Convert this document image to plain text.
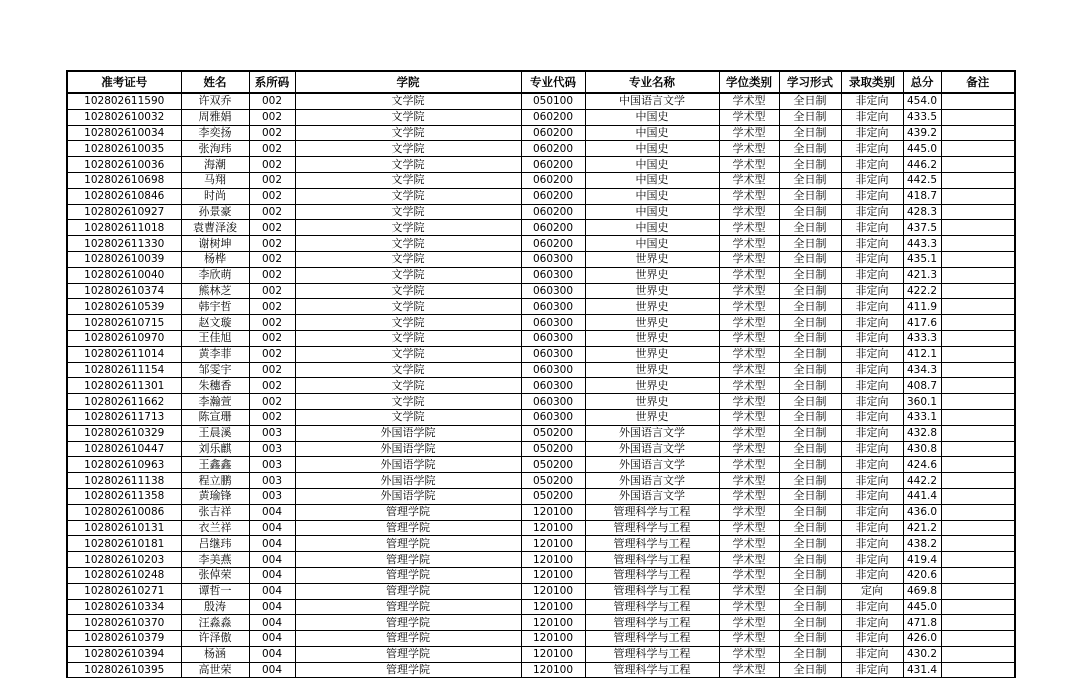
准考证号	姓名	系所码	学院	专业代码	专业名称	学位类别	学习形式	录取类别	总分	备注
102802611590	许双乔	002	文学院	050100	中国语言文学	学术型	全日制	非定向	454.0	
102802610032	周雅娟	002	文学院	060200	中国史	学术型	全日制	非定向	433.5	
102802610034	李奕扬	002	文学院	060200	中国史	学术型	全日制	非定向	439.2	
102802610035	张洵玮	002	文学院	060200	中国史	学术型	全日制	非定向	445.0	
102802610036	海潮	002	文学院	060200	中国史	学术型	全日制	非定向	446.2	
102802610698	马翔	002	文学院	060200	中国史	学术型	全日制	非定向	442.5	
102802610846	时尚	002	文学院	060200	中国史	学术型	全日制	非定向	418.7	
102802610927	孙景豪	002	文学院	060200	中国史	学术型	全日制	非定向	428.3	
102802611018	袁曹泽浚	002	文学院	060200	中国史	学术型	全日制	非定向	437.5	
102802611330	谢树坤	002	文学院	060200	中国史	学术型	全日制	非定向	443.3	
102802610039	杨桦	002	文学院	060300	世界史	学术型	全日制	非定向	435.1	
102802610040	李欣萌	002	文学院	060300	世界史	学术型	全日制	非定向	421.3	
102802610374	熊林芝	002	文学院	060300	世界史	学术型	全日制	非定向	422.2	
102802610539	韩宇哲	002	文学院	060300	世界史	学术型	全日制	非定向	411.9	
102802610715	赵文璇	002	文学院	060300	世界史	学术型	全日制	非定向	417.6	
102802610970	王佳旭	002	文学院	060300	世界史	学术型	全日制	非定向	433.3	
102802611014	黄李菲	002	文学院	060300	世界史	学术型	全日制	非定向	412.1	
102802611154	邹雯宇	002	文学院	060300	世界史	学术型	全日制	非定向	434.3	
102802611301	朱穗香	002	文学院	060300	世界史	学术型	全日制	非定向	408.7	
102802611662	李瀚萱	002	文学院	060300	世界史	学术型	全日制	非定向	360.1	
102802611713	陈宣珊	002	文学院	060300	世界史	学术型	全日制	非定向	433.1	
102802610329	王晨溪	003	外国语学院	050200	外国语言文学	学术型	全日制	非定向	432.8	
102802610447	刘乐麒	003	外国语学院	050200	外国语言文学	学术型	全日制	非定向	430.8	
102802610963	王鑫鑫	003	外国语学院	050200	外国语言文学	学术型	全日制	非定向	424.6	
102802611138	程立鹏	003	外国语学院	050200	外国语言文学	学术型	全日制	非定向	442.2	
102802611358	黄瑜锋	003	外国语学院	050200	外国语言文学	学术型	全日制	非定向	441.4	
102802610086	张吉祥	004	管理学院	120100	管理科学与工程	学术型	全日制	非定向	436.0	
102802610131	衣兰祥	004	管理学院	120100	管理科学与工程	学术型	全日制	非定向	421.2	
102802610181	吕继玮	004	管理学院	120100	管理科学与工程	学术型	全日制	非定向	438.2	
102802610203	李美燕	004	管理学院	120100	管理科学与工程	学术型	全日制	非定向	419.4	
102802610248	张倬荣	004	管理学院	120100	管理科学与工程	学术型	全日制	非定向	420.6	
102802610271	谭哲一	004	管理学院	120100	管理科学与工程	学术型	全日制	定向	469.8	
102802610334	殷涛	004	管理学院	120100	管理科学与工程	学术型	全日制	非定向	445.0	
102802610370	汪淼淼	004	管理学院	120100	管理科学与工程	学术型	全日制	非定向	471.8	
102802610379	许泽傲	004	管理学院	120100	管理科学与工程	学术型	全日制	非定向	426.0	
102802610394	杨涵	004	管理学院	120100	管理科学与工程	学术型	全日制	非定向	430.2	
102802610395	高世荣	004	管理学院	120100	管理科学与工程	学术型	全日制	非定向	431.4	
